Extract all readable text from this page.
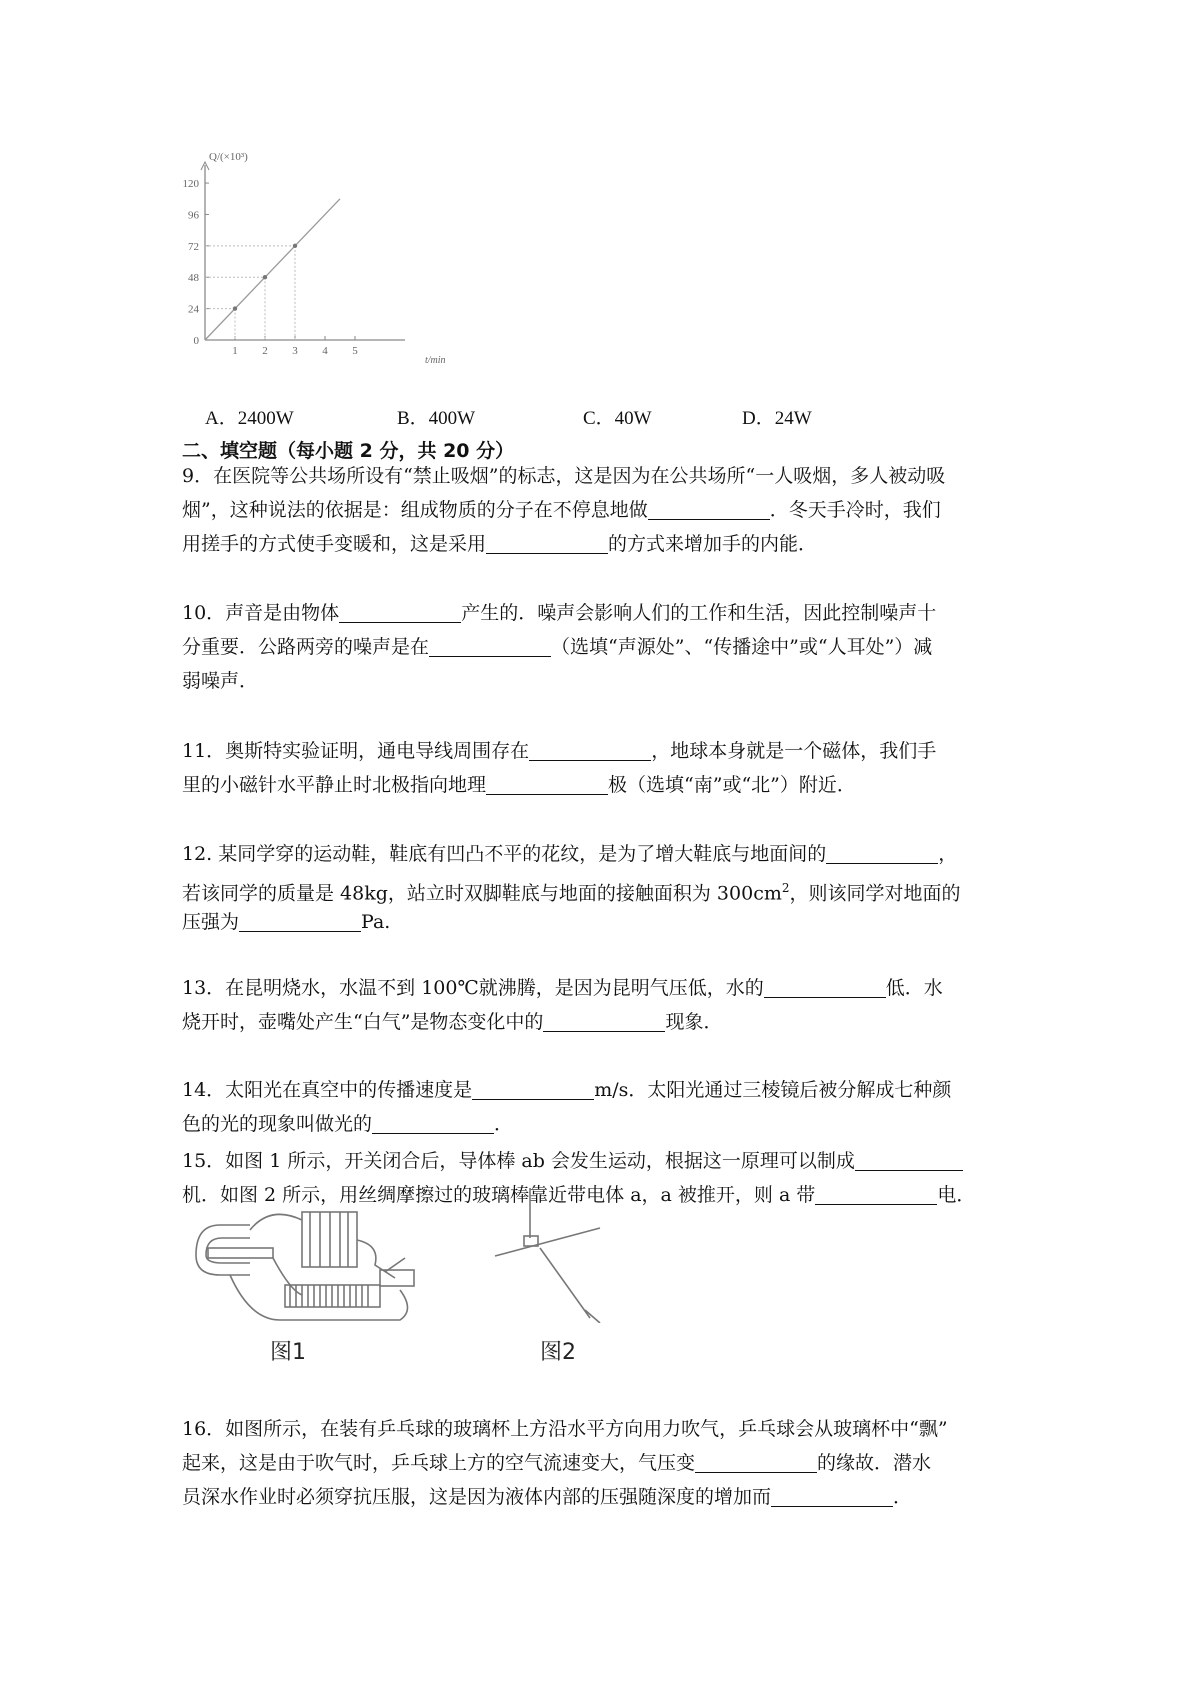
0
24
48
72
96
120
1 2 3 4 5
Q/(×10³)
t/min
A．2400W	B．400W	C．40W	D．24W
二、填空题（每小题 2 分，共 20 分）
9．在医院等公共场所设有“禁止吸烟”的标志，这是因为在公共场所“一人吸烟，多人被动吸
烟”，这种说法的依据是：组成物质的分子在不停息地做	．冬天手冷时，我们
用搓手的方式使手变暖和，这是采用	的方式来增加手的内能．
10．声音是由物体	产生的．噪声会影响人们的工作和生活，因此控制噪声十
分重要．公路两旁的噪声是在	（选填“声源处”、“传播途中”或“人耳处”）减
弱噪声．
11．奥斯特实验证明，通电导线周围存在	，地球本身就是一个磁体，我们手
里的小磁针水平静止时北极指向地理	极（选填“南”或“北”）附近．
12. 某同学穿的运动鞋，鞋底有凹凸不平的花纹，是为了增大鞋底与地面间的	，
若该同学的质量是 48kg，站立时双脚鞋底与地面的接触面积为 $300cm^2$，则该同学对地面的
压强为	Pa.
13．在昆明烧水，水温不到 100℃就沸腾，是因为昆明气压低，水的	低．水
烧开时，壶嘴处产生“白气”是物态变化中的	现象．
14．太阳光在真空中的传播速度是	m/s．太阳光通过三棱镜后被分解成七种颜
色的光的现象叫做光的	．
15．如图 1 所示，开关闭合后，导体棒 ab 会发生运动，根据这一原理可以制成
机．如图 2 所示，用丝绸摩擦过的玻璃棒靠近带电体 a，a 被推开，则 a 带	电．
图1	图2
16．如图所示，在装有乒乓球的玻璃杯上方沿水平方向用力吹气，乒乓球会从玻璃杯中“飘”
起来，这是由于吹气时，乒乓球上方的空气流速变大，气压变	的缘故．潜水
员深水作业时必须穿抗压服，这是因为液体内部的压强随深度的增加而	．
